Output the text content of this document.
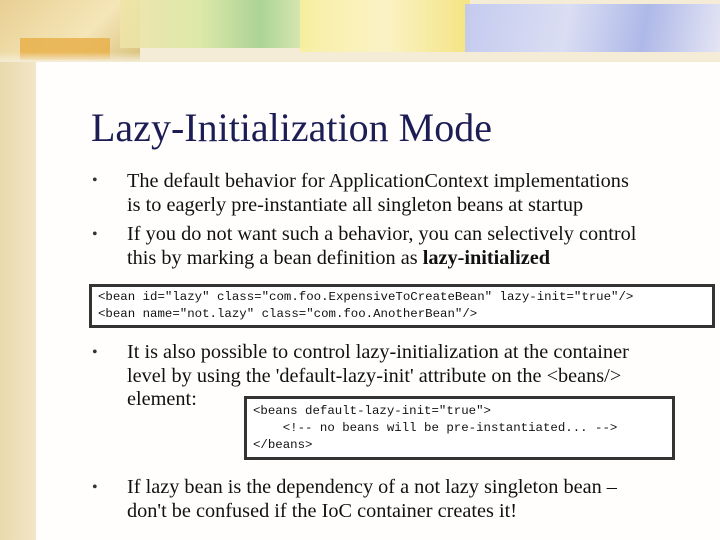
Lazy-Initialization Mode
• The default behavior for ApplicationContext implementations
is to eagerly pre-instantiate all singleton beans at startup
• If you do not want such a behavior, you can selectively control
this by marking a bean definition as lazy-initialized

<bean id="lazy" class="com.foo.ExpensiveToCreateBean" lazy-init="true"/>

<bean name="not.lazy" class="com.foo.AnotherBean"/>

• It is also possible to control lazy-initialization at the container
level by using the 'default-lazy-init' attribute on the <beans/>
element:

<beans default-lazy-init="true">

<!-- no beans will be pre-instantiated... -->

</beans>

• If lazy bean is the dependency of a not lazy singleton bean –
don't be confused if the IoC container creates it!
